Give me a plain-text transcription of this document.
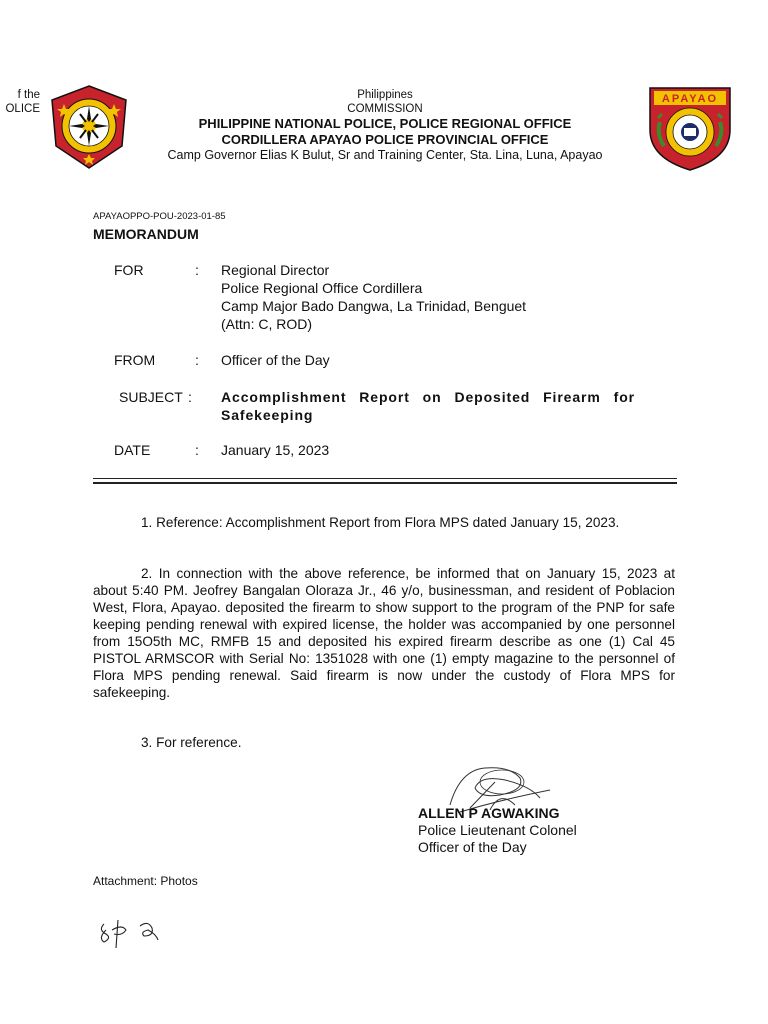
f the
OLICE
Philippines
COMMISSION
PHILIPPINE NATIONAL POLICE, POLICE REGIONAL OFFICE
CORDILLERA APAYAO POLICE PROVINCIAL OFFICE
Camp Governor Elias K Bulut, Sr and Training Center, Sta. Lina, Luna, Apayao
APAYAO
APAYAOPPO-POU-2023-01-85
MEMORANDUM
FOR	: Regional Director
Police Regional Office Cordillera
Camp Major Bado Dangwa, La Trinidad, Benguet
(Attn: C, ROD)
FROM	: Officer of the Day
SUBJECT : Accomplishment Report on Deposited Firearm for Safekeeping
DATE	: January 15, 2023
1. Reference: Accomplishment Report from Flora MPS dated January 15, 2023.
2. In connection with the above reference, be informed that on January 15, 2023 at about 5:40 PM. Jeofrey Bangalan Oloraza Jr., 46 y/o, businessman, and resident of Poblacion West, Flora, Apayao. deposited the firearm to show support to the program of the PNP for safe keeping pending renewal with expired license, the holder was accompanied by one personnel from 15O5th MC, RMFB 15 and deposited his expired firearm describe as one (1) Cal 45 PISTOL ARMSCOR with Serial No: 1351028 with one (1) empty magazine to the personnel of Flora MPS pending renewal. Said firearm is now under the custody of Flora MPS for safekeeping.
3. For reference.
ALLEN P AGWAKING
Police Lieutenant Colonel
Officer of the Day
Attachment: Photos
